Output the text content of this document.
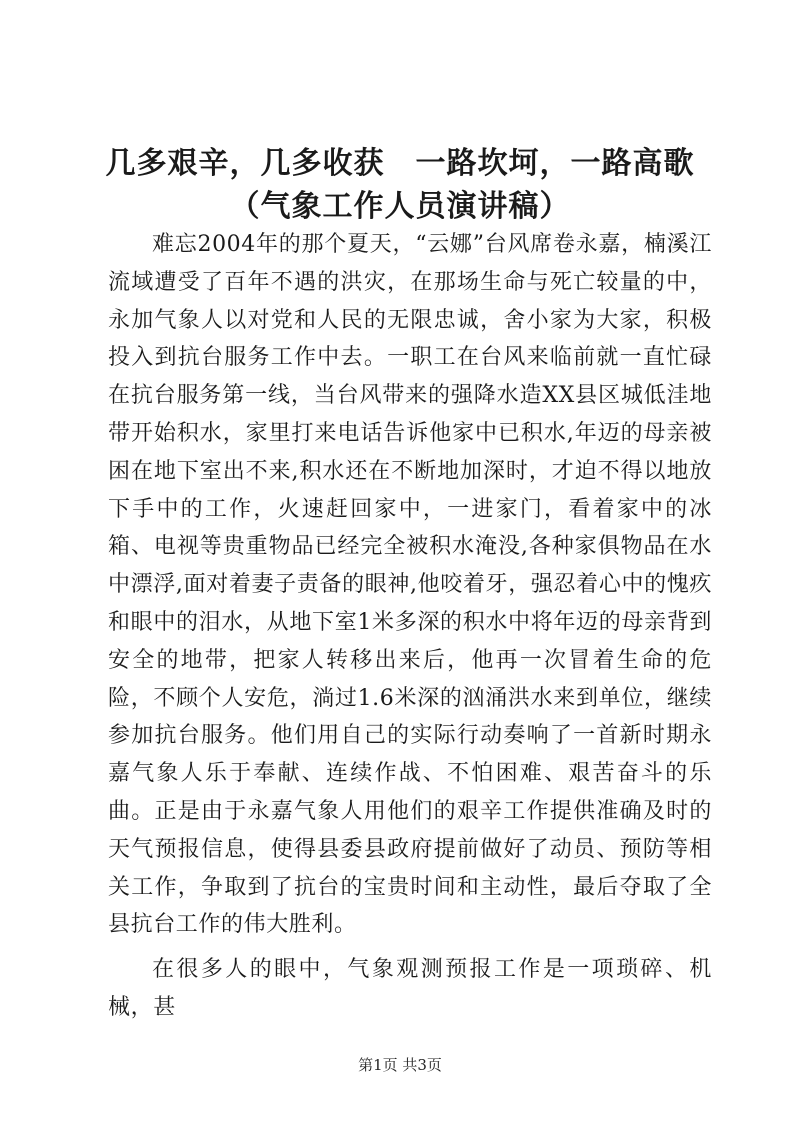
几多艰辛，几多收获　一路坎坷，一路高歌
（气象工作人员演讲稿）

难忘2004年的那个夏天，“云娜”台风席卷永嘉，楠溪江流域遭受了百年不遇的洪灾，在那场生命与死亡较量的中，永加气象人以对党和人民的无限忠诚，舍小家为大家，积极投入到抗台服务工作中去。一职工在台风来临前就一直忙碌在抗台服务第一线，当台风带来的强降水造XX县区城低洼地带开始积水，家里打来电话告诉他家中已积水,年迈的母亲被困在地下室出不来,积水还在不断地加深时，才迫不得以地放下手中的工作，火速赶回家中，一进家门，看着家中的冰箱、电视等贵重物品已经完全被积水淹没,各种家俱物品在水中漂浮,面对着妻子责备的眼神,他咬着牙，强忍着心中的愧疚和眼中的泪水，从地下室1米多深的积水中将年迈的母亲背到安全的地带，把家人转移出来后，他再一次冒着生命的危险，不顾个人安危，淌过1.6米深的汹涌洪水来到单位，继续参加抗台服务。他们用自己的实际行动奏响了一首新时期永嘉气象人乐于奉献、连续作战、不怕困难、艰苦奋斗的乐曲。正是由于永嘉气象人用他们的艰辛工作提供准确及时的天气预报信息，使得县委县政府提前做好了动员、预防等相关工作，争取到了抗台的宝贵时间和主动性，最后夺取了全县抗台工作的伟大胜利。

在很多人的眼中，气象观测预报工作是一项琐碎、机械，甚

第1页 共3页
